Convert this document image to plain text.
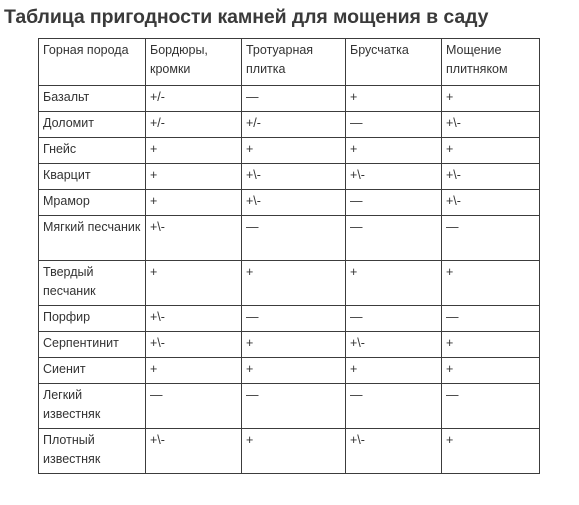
Таблица пригодности камней для мощения в саду
Горная порода	Бордюры, кромки	Тротуарная плитка	Брусчатка	Мощение плитняком
Базальт	+/-	—	+	+
Доломит	+/-	+/-	—	+\-
Гнейс	+	+	+	+
Кварцит	+	+\-	+\-	+\-
Мрамор	+	+\-	—	+\-
Мягкий песчаник	+\-	—	—	—
Твердый песчаник	+	+	+	+
Порфир	+\-	—	—	—
Серпентинит	+\-	+	+\-	+
Сиенит	+	+	+	+
Легкий известняк	—	—	—	—
Плотный известняк	+\-	+	+\-	+
